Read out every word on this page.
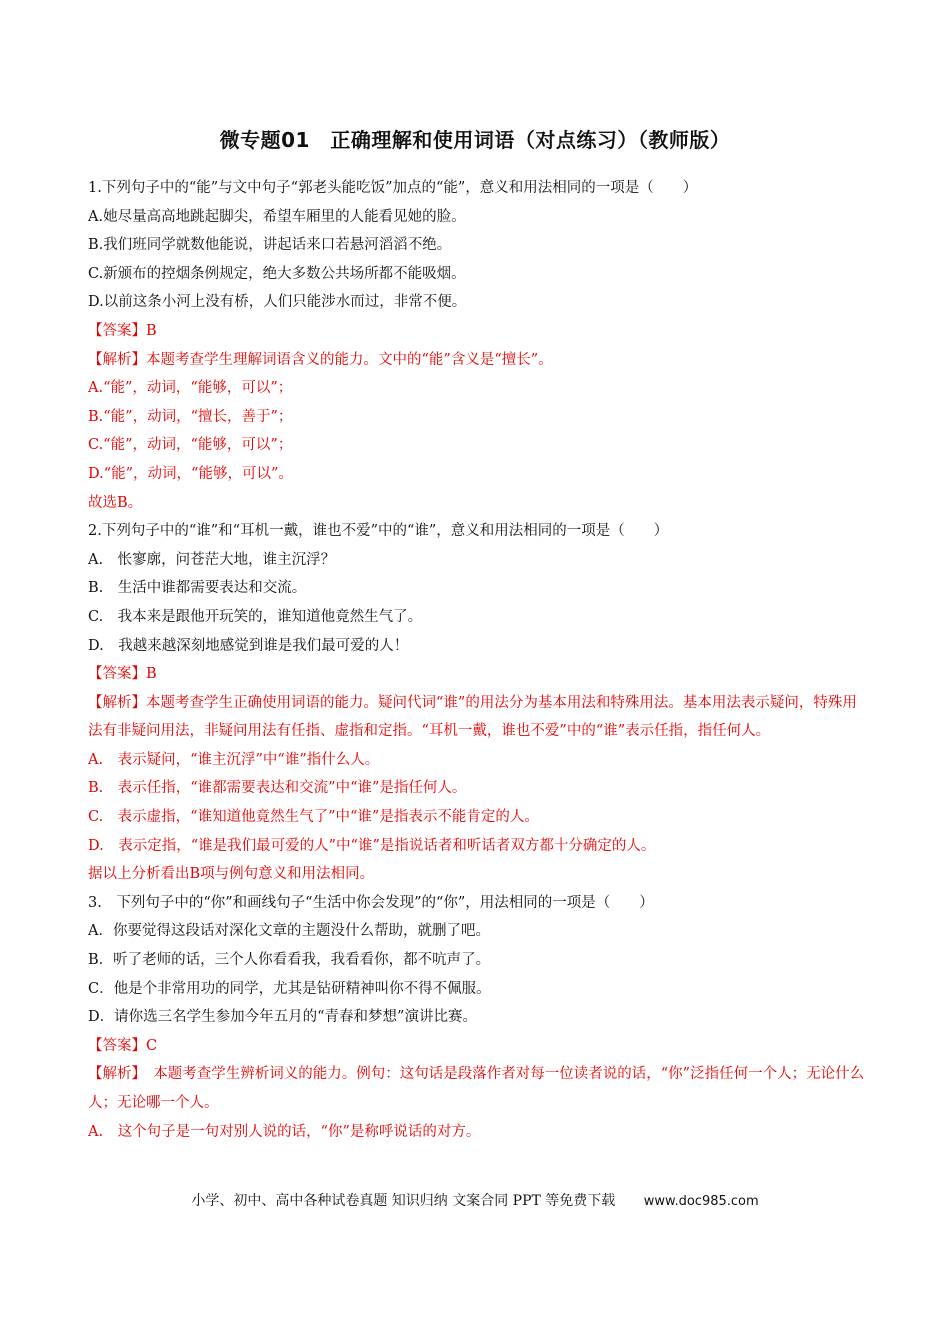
微专题01　正确理解和使用词语（对点练习）（教师版）
1.下列句子中的“能”与文中句子“郭老头能吃饭”加点的“能”，意义和用法相同的一项是（　　）
A.她尽量高高地跳起脚尖，希望车厢里的人能看见她的脸。
B.我们班同学就数他能说，讲起话来口若悬河滔滔不绝。
C.新颁布的控烟条例规定，绝大多数公共场所都不能吸烟。
D.以前这条小河上没有桥，人们只能涉水而过，非常不便。
【答案】B
【解析】本题考查学生理解词语含义的能力。文中的“能”含义是“擅长”。
A.“能”，动词，“能够，可以”；
B.“能”，动词，“擅长，善于”；
C.“能”，动词，“能够，可以”；
D.“能”，动词，“能够，可以”。
故选B。
2.下列句子中的“谁”和“耳机一戴，谁也不爱”中的“谁”，意义和用法相同的一项是（　　）
A.　怅寥廓，问苍茫大地，谁主沉浮？
B.　生活中谁都需要表达和交流。
C.　我本来是跟他开玩笑的，谁知道他竟然生气了。
D.　我越来越深刻地感觉到谁是我们最可爱的人！
【答案】B
【解析】本题考查学生正确使用词语的能力。疑问代词“谁”的用法分为基本用法和特殊用法。基本用法表示疑问，特殊用法有非疑问用法，非疑问用法有任指、虚指和定指。“耳机一戴，谁也不爱”中的“谁”表示任指，指任何人。
A.　表示疑问，“谁主沉浮”中“谁”指什么人。
B.　表示任指，“谁都需要表达和交流”中“谁”是指任何人。
C.　表示虚指，“谁知道他竟然生气了”中“谁”是指表示不能肯定的人。
D.　表示定指，“谁是我们最可爱的人”中“谁”是指说话者和听话者双方都十分确定的人。
据以上分析看出B项与例句意义和用法相同。
3.　下列句子中的“你”和画线句子“生活中你会发现”的“你”，用法相同的一项是（　　）
A．你要觉得这段话对深化文章的主题没什么帮助，就删了吧。
B．听了老师的话，三个人你看看我，我看看你，都不吭声了。
C．他是个非常用功的同学，尤其是钻研精神叫你不得不佩服。
D．请你选三名学生参加今年五月的“青春和梦想”演讲比赛。
【答案】C
【解析】　本题考查学生辨析词义的能力。例句：这句话是段落作者对每一位读者说的话，“你”泛指任何一个人；无论什么人；无论哪一个人。
A.　这个句子是一句对别人说的话，“你”是称呼说话的对方。
小学、初中、高中各种试卷真题 知识归纳 文案合同 PPT 等免费下载 www.doc985.com
